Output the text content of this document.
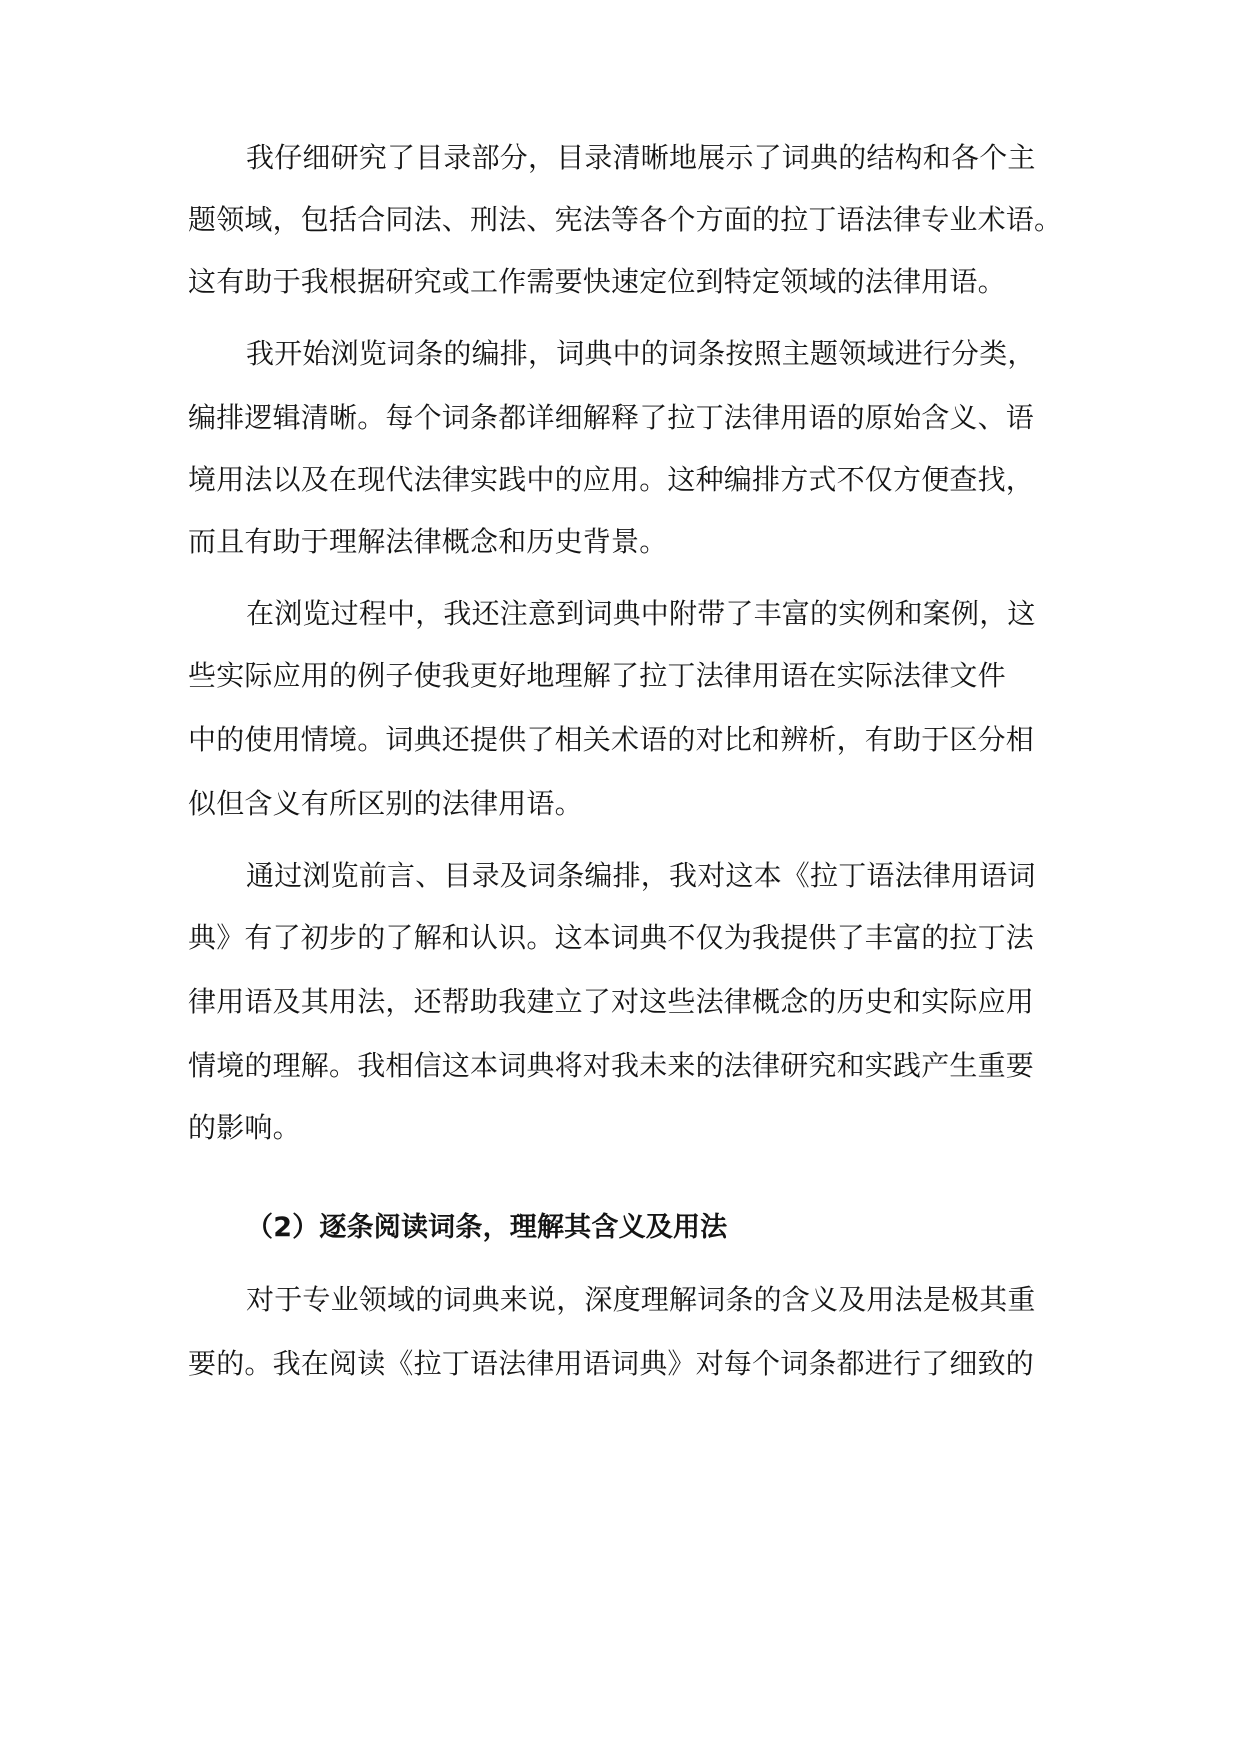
我仔细研究了目录部分，目录清晰地展示了词典的结构和各个主
题领域，包括合同法、刑法、宪法等各个方面的拉丁语法律专业术语。
这有助于我根据研究或工作需要快速定位到特定领域的法律用语。
我开始浏览词条的编排，词典中的词条按照主题领域进行分类，
编排逻辑清晰。每个词条都详细解释了拉丁法律用语的原始含义、语
境用法以及在现代法律实践中的应用。这种编排方式不仅方便查找，
而且有助于理解法律概念和历史背景。
在浏览过程中，我还注意到词典中附带了丰富的实例和案例，这
些实际应用的例子使我更好地理解了拉丁法律用语在实际法律文件
中的使用情境。词典还提供了相关术语的对比和辨析，有助于区分相
似但含义有所区别的法律用语。
通过浏览前言、目录及词条编排，我对这本《拉丁语法律用语词
典》有了初步的了解和认识。这本词典不仅为我提供了丰富的拉丁法
律用语及其用法，还帮助我建立了对这些法律概念的历史和实际应用
情境的理解。我相信这本词典将对我未来的法律研究和实践产生重要
的影响。
（2）逐条阅读词条，理解其含义及用法
对于专业领域的词典来说，深度理解词条的含义及用法是极其重
要的。我在阅读《拉丁语法律用语词典》对每个词条都进行了细致的
